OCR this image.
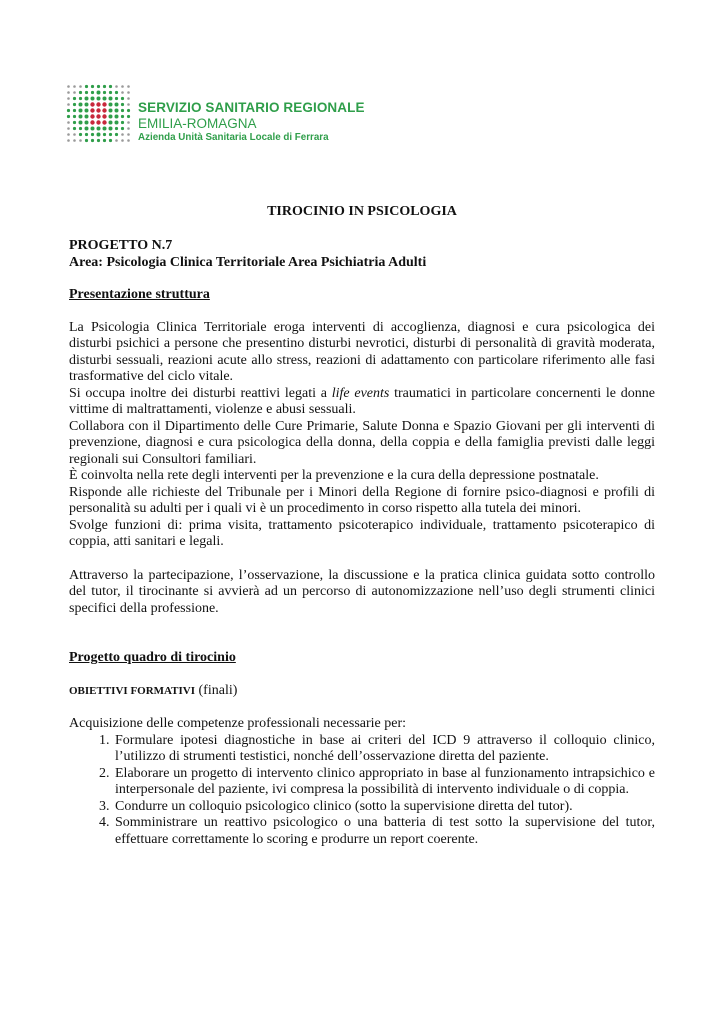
SERVIZIO SANITARIO REGIONALE
EMILIA-ROMAGNA
Azienda Unità Sanitaria Locale di Ferrara
TIROCINIO IN PSICOLOGIA
PROGETTO N.7
Area: Psicologia Clinica Territoriale Area Psichiatria Adulti
Presentazione struttura

La Psicologia Clinica Territoriale eroga interventi di accoglienza, diagnosi e cura psicologica dei disturbi psichici a persone che presentino disturbi nevrotici, disturbi di personalità di gravità moderata, disturbi sessuali, reazioni acute allo stress, reazioni di adattamento con particolare riferimento alle fasi trasformative del ciclo vitale.

Si occupa inoltre dei disturbi reattivi legati a life events traumatici in particolare concernenti le donne vittime di maltrattamenti, violenze e abusi sessuali.

Collabora con il Dipartimento delle Cure Primarie, Salute Donna e Spazio Giovani per gli interventi di prevenzione, diagnosi e cura psicologica della donna, della coppia e della famiglia previsti dalle leggi regionali sui Consultori familiari.

È coinvolta nella rete degli interventi per la prevenzione e la cura della depressione postnatale.

Risponde alle richieste del Tribunale per i Minori della Regione di fornire psico-diagnosi e profili di personalità su adulti per i quali vi è un procedimento in corso rispetto alla tutela dei minori.

Svolge funzioni di: prima visita, trattamento psicoterapico individuale, trattamento psicoterapico di coppia, atti sanitari e legali.

Attraverso la partecipazione, l’osservazione, la discussione e la pratica clinica guidata sotto controllo del tutor, il tirocinante si avvierà ad un percorso di autonomizzazione nell’uso degli strumenti clinici specifici della professione.

Progetto quadro di tirocinio
OBIETTIVI FORMATIVI (finali)
Acquisizione delle competenze professionali necessarie per:
1. Formulare ipotesi diagnostiche in base ai criteri del ICD 9 attraverso il colloquio clinico, l’utilizzo di strumenti testistici, nonché dell’osservazione diretta del paziente.
2. Elaborare un progetto di intervento clinico appropriato in base al funzionamento intrapsichico e interpersonale del paziente, ivi compresa la possibilità di intervento individuale o di coppia.
3. Condurre un colloquio psicologico clinico (sotto la supervisione diretta del tutor).
4. Somministrare un reattivo psicologico o una batteria di test sotto la supervisione del tutor, effettuare correttamente lo scoring e produrre un report coerente.
